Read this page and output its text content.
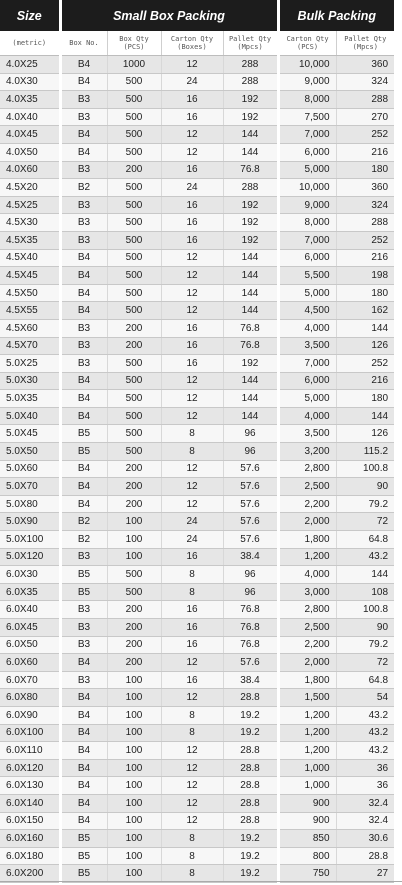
Size	Small Box Packing				Bulk Packing	
(metric)	Box No.	Box Qty (PCS)	Carton Qty (Boxes)	Pallet Qty (Mpcs)	Carton Qty (PCS)	Pallet Qty (Mpcs)
4.0X25	B4	1000	12	288	10,000	360
4.0X30	B4	500	24	288	9,000	324
4.0X35	B3	500	16	192	8,000	288
4.0X40	B3	500	16	192	7,500	270
4.0X45	B4	500	12	144	7,000	252
4.0X50	B4	500	12	144	6,000	216
4.0X60	B3	200	16	76.8	5,000	180
4.5X20	B2	500	24	288	10,000	360
4.5X25	B3	500	16	192	9,000	324
4.5X30	B3	500	16	192	8,000	288
4.5X35	B3	500	16	192	7,000	252
4.5X40	B4	500	12	144	6,000	216
4.5X45	B4	500	12	144	5,500	198
4.5X50	B4	500	12	144	5,000	180
4.5X55	B4	500	12	144	4,500	162
4.5X60	B3	200	16	76.8	4,000	144
4.5X70	B3	200	16	76.8	3,500	126
5.0X25	B3	500	16	192	7,000	252
5.0X30	B4	500	12	144	6,000	216
5.0X35	B4	500	12	144	5,000	180
5.0X40	B4	500	12	144	4,000	144
5.0X45	B5	500	8	96	3,500	126
5.0X50	B5	500	8	96	3,200	115.2
5.0X60	B4	200	12	57.6	2,800	100.8
5.0X70	B4	200	12	57.6	2,500	90
5.0X80	B4	200	12	57.6	2,200	79.2
5.0X90	B2	100	24	57.6	2,000	72
5.0X100	B2	100	24	57.6	1,800	64.8
5.0X120	B3	100	16	38.4	1,200	43.2
6.0X30	B5	500	8	96	4,000	144
6.0X35	B5	500	8	96	3,000	108
6.0X40	B3	200	16	76.8	2,800	100.8
6.0X45	B3	200	16	76.8	2,500	90
6.0X50	B3	200	16	76.8	2,200	79.2
6.0X60	B4	200	12	57.6	2,000	72
6.0X70	B3	100	16	38.4	1,800	64.8
6.0X80	B4	100	12	28.8	1,500	54
6.0X90	B4	100	8	19.2	1,200	43.2
6.0X100	B4	100	8	19.2	1,200	43.2
6.0X110	B4	100	12	28.8	1,200	43.2
6.0X120	B4	100	12	28.8	1,000	36
6.0X130	B4	100	12	28.8	1,000	36
6.0X140	B4	100	12	28.8	900	32.4
6.0X150	B4	100	12	28.8	900	32.4
6.0X160	B5	100	8	19.2	850	30.6
6.0X180	B5	100	8	19.2	800	28.8
6.0X200	B5	100	8	19.2	750	27
